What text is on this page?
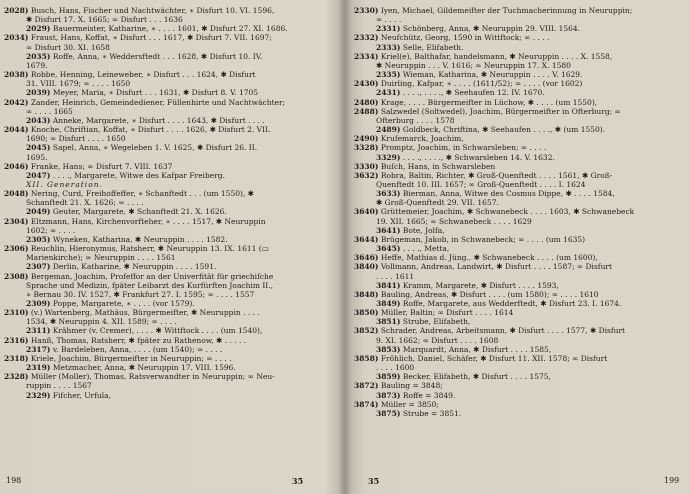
2028) Busch, Hans, Fischer und Nachtwächter, ∗ Disfurt 10. VI. 1596,
✱ Disfurt 17. X. 1665; ∞ Disfurt . . . 1636
2029) Bauermeister, Katharine, ∗ . . . . 1601, ✱ Disfurt 27. XI. 1686.
2034) Fraust, Hans, Koffat, ∗ Disfurt . . . 1617, ✱ Disfurt 7. VII. 1697;
∞ Disfurt 30. XI. 1658
2035) Roffe, Anna, ∗ Weddersftedt . . . 1628, ✱ Disfurt 10. IV.
1679.
2038) Robbe, Henning, Leineweber, ∗ Disfurt . . . 1624, ✱ Disfurt
31. VIII. 1679; ∞ . . . . 1650
2039) Meyer, Maria, ∗ Disfurt . . . 1631, ✱ Disfurt 8. V. 1705
2042) Zander, Heinrich, Gemeindediener, Füllenhirte und Nachtwächter;
∞ . . . . 1665
2043) Anneke, Margarete, ∗ Disfurt . . . . 1643, ✱ Disfurt . . . .
2044) Knoche, Chriftian, Koffat, ∗ Disfurt . . . . 1626, ✱ Disfurt 2. VII.
1690; ∞ Disfurt . . . . 1650
2045) Sapel, Anna, ∗ Wegeleben 1. V. 1625, ✱ Disfurt 26. II.
1695.
2046) Franke, Hans; ∞ Disfurt 7. VIII. 1637
2047) . . . ., Margarete, Witwe des Kafpar Freiberg.
XII. Generation.
2048) Nering, Curd, Freihoffeffer, ∗ Schanftedt . . . (um 1550), ✱
Schanftedt 21. X. 1626; ∞ . . . .
2049) Geuter, Margarete, ✱ Schanftedt 21. X. 1626.
2304) Eltzmann, Hans, Kirchenvorfteher, ∗ . . . . 1517, ✱ Neuruppin
1602; ∞ . . . .
2305) Wyneken, Katharina, ✱ Neuruppin . . . . 1582.
2306) Reuchlin, Hieronymus, Ratsherr, ✱ Neuruppin 13. IX. 1611 (▭
Marienkirche); ∞ Neuruppin . . . . 1561
2307) Derlin, Katharine, ✱ Neuruppin . . . . 1591.
2308) Bergeman, Joachim, Profeffor an der Univerfität für griechifche
Sprache und Medizin, fpäter Leibarzt des Kurfürften Joachim II.,
∗ Bernau 30. IV. 1527, ✱ Frankfurt 27. I. 1595; ∞ . . . . 1557
2309) Poppe, Margarete, ∗ . . . . (vor 1579).
2310) (v.) Wartenberg, Mathäus, Bürgermeifter, ✱ Neuruppin . . . .
1534, ✱ Neuruppin 4. XII. 1589; ∞ . . . .
2311) Krähmer (v. Cremer), . . . . ✱ Wittftock . . . . (um 1540),
2316) Hanß, Thomas, Ratsherr, ✱ fpäter zu Rathenow, ✱ . . . . .
2317) v. Bardeleben, Anna, . . . . (um 1540); ∞ . . . .
2318) Kriele, Joachim, Bürgermeifter in Neuruppin; ∞ . . . .
2319) Metzmacher, Anna, ✱ Neuruppin 17. VIII. 1596.
2328) Müller (Moller), Thomas, Ratsverwandter in Neuruppin; ∞ Neu-
ruppin . . . . 1567
2329) Fifcher, Urfula,
2330) Iyen, Michael, Gildemeifter der Tuchmacherinnung in Neuruppin;
∞ . . . .
2331) Schönberg, Anna, ✱ Neuruppin 29. VIII. 1564.
2332) Neufchütz, Georg, 1590 in Wittftock; ∞ . . . .
2333) Selle, Elifabeth.
2334) Kriel(e), Balthafar, handelsmann, ✱ Neuruppin . . . . X. 1558,
✱ Neuruppin . . . V. 1616; ∞ Neuruppin 17. X. 1580
2335) Wieman, Katharina, ✱ Neuruppin . . . . V. 1629.
2430) Duirling, Kafpar, ∗ . . . . (1611/52); ∞ . . . . (vor 1602)
2431) . . . ., . . . ., ✱ Seehaufen 12. IV. 1670.
2480) Krage, . . . . Bürgermeifter in Lüchow, ✱ . . . . (um 1550),
2488) Salzwedel (Soltwedel), Joachim, Bürgermeifter in Ofterburg; ∞
Ofterburg . . . . 1578
2489) Goldbeck, Chriftina, ✱ Seehaufen . . . ., ✱ (um 1550).
2490) Krufemarck, Joachim,
3328) Promptz, Joachim, in Schwarsleben; ∞ . . . .
3329) . . . ., . . . ., ✱ Schwarsleben 14. V. 1632.
3330) Buſch, Hans, in Schwarsleben
3632) Robra, Baltin, Richter, ✱ Groß-Quenftedt . . . . 1561, ✱ Groß-
Quenftedt 10. III. 1657; ∞ Groß-Quenftedt . . . . I. 1624
3633) Bierman, Anna, Witwe des Cosmus Dippe, ✱ . . . . 1584,
✱ Groß-Quenftedt 29. VII. 1657.
3640) Grüttemeier, Joachim, ✱ Schwanebeck . . . . 1603, ✱ Schwanebeck
19. XII. 1665; ∞ Schwanebeck . . . . 1629
3641) Bote, Jolfa,
3644) Brügeman, Jakob, in Schwanebeck; ∞ . . . . (um 1635)
3645) . . . ., Metta,
3646) Heffe, Mathias d. Jüng., ✱ Schwanebeck . . . . (um 1600),
3840) Vollmann, Andreas, Landwirt, ✱ Disfurt . . . . 1587; ∞ Disfurt
. . . . 1611
3841) Kramm, Margarete, ✱ Disfurt . . . . 1593,
3848) Bauling, Andreas, ✱ Disfurt . . . . (um 1580); ∞ . . . . 1610
3849) Roffe, Margarete, aus Wedderftedt, ✱ Disfurt 23. I. 1674.
3850) Müller, Baltin; ∞ Disfurt . . . . 1614
3851) Strube, Elifabeth,
3852) Schrader, Andreas, Arbeitsmann, ✱ Disfurt . . . . 1577, ✱ Disfurt
9. XI. 1662; ∞ Disfurt . . . . 1608
3853) Marquardt, Anna, ✱ Disfurt . . . . 1585,
3858) Fröhlich, Daniel, Schäfer, ✱ Disfurt 11. XII. 1578; ∞ Disfurt
. . . . 1600
3859) Becker, Elifabeth, ✱ Disfurt . . . . 1575,
3872) Bauling = 3848;
3873) Roffe = 3849.
3874) Müller = 3850;
3875) Strube = 3851.
198	35	35	199
